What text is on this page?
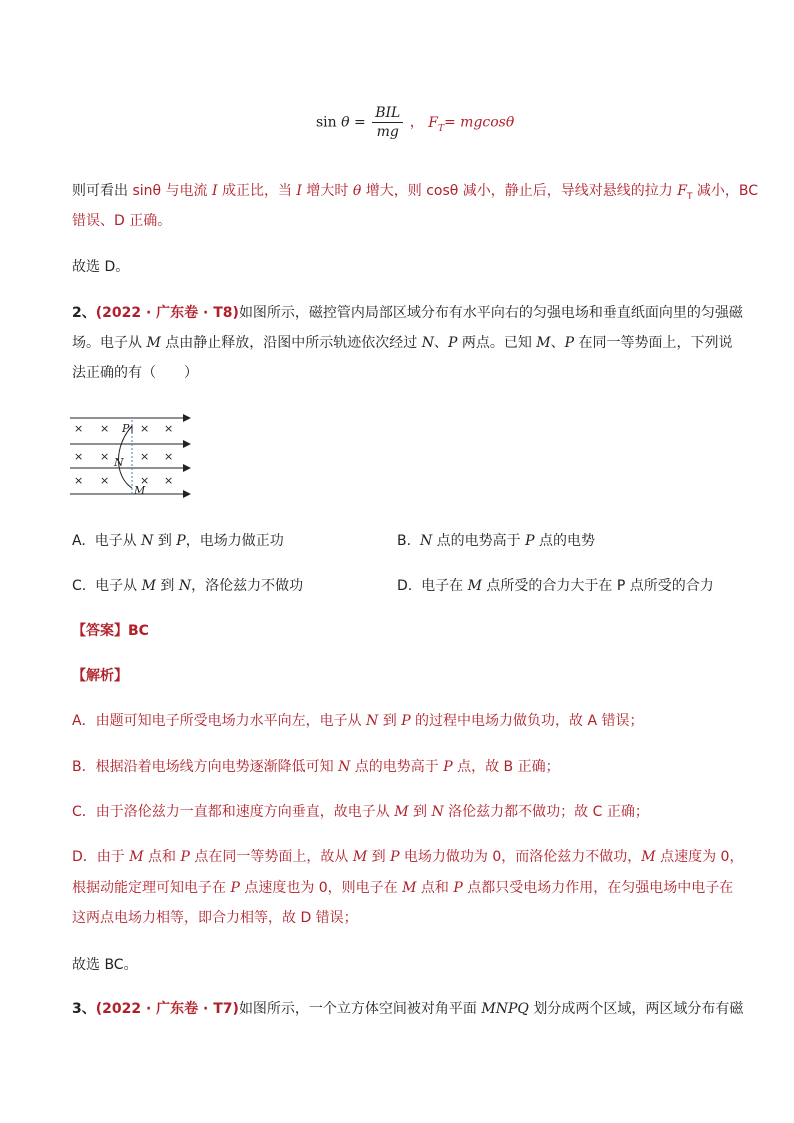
$\sin \theta = \frac{\text{BIL}}{mg}$ ， $F_T= mgcos\theta$
则可看出 sinθ 与电流 I 成正比，当 I 增大时 θ 增大，则 cosθ 减小，静止后，导线对悬线的拉力 $F_T$ 减小，BC
错误、D 正确。
故选 D。
2、(2022 · 广东卷 · T8)如图所示，磁控管内局部区域分布有水平向右的匀强电场和垂直纸面向里的匀强磁
场。电子从 M 点由静止释放，沿图中所示轨迹依次经过 N、P 两点。已知 M、P 在同一等势面上，下列说
法正确的有（　　）
× ×	× ×
× ×	× ×
× ×	× ×
P
N
M
A. 电子从 N 到 P，电场力做正功	B. N 点的电势高于 P 点的电势
C. 电子从 M 到 N，洛伦兹力不做功	D. 电子在 M 点所受的合力大于在 P 点所受的合力
【答案】BC
【解析】
A．由题可知电子所受电场力水平向左，电子从 N 到 P 的过程中电场力做负功，故 A 错误；
B．根据沿着电场线方向电势逐渐降低可知 N 点的电势高于 P 点，故 B 正确；
C．由于洛伦兹力一直都和速度方向垂直，故电子从 M 到 N 洛伦兹力都不做功；故 C 正确；
D．由于 M 点和 P 点在同一等势面上，故从 M 到 P 电场力做功为 0，而洛伦兹力不做功，M 点速度为 0，
根据动能定理可知电子在 P 点速度也为 0，则电子在 M 点和 P 点都只受电场力作用，在匀强电场中电子在
这两点电场力相等，即合力相等，故 D 错误；
故选 BC。
3、(2022 · 广东卷 · T7)如图所示，一个立方体空间被对角平面 MNPQ 划分成两个区域，两区域分布有磁
